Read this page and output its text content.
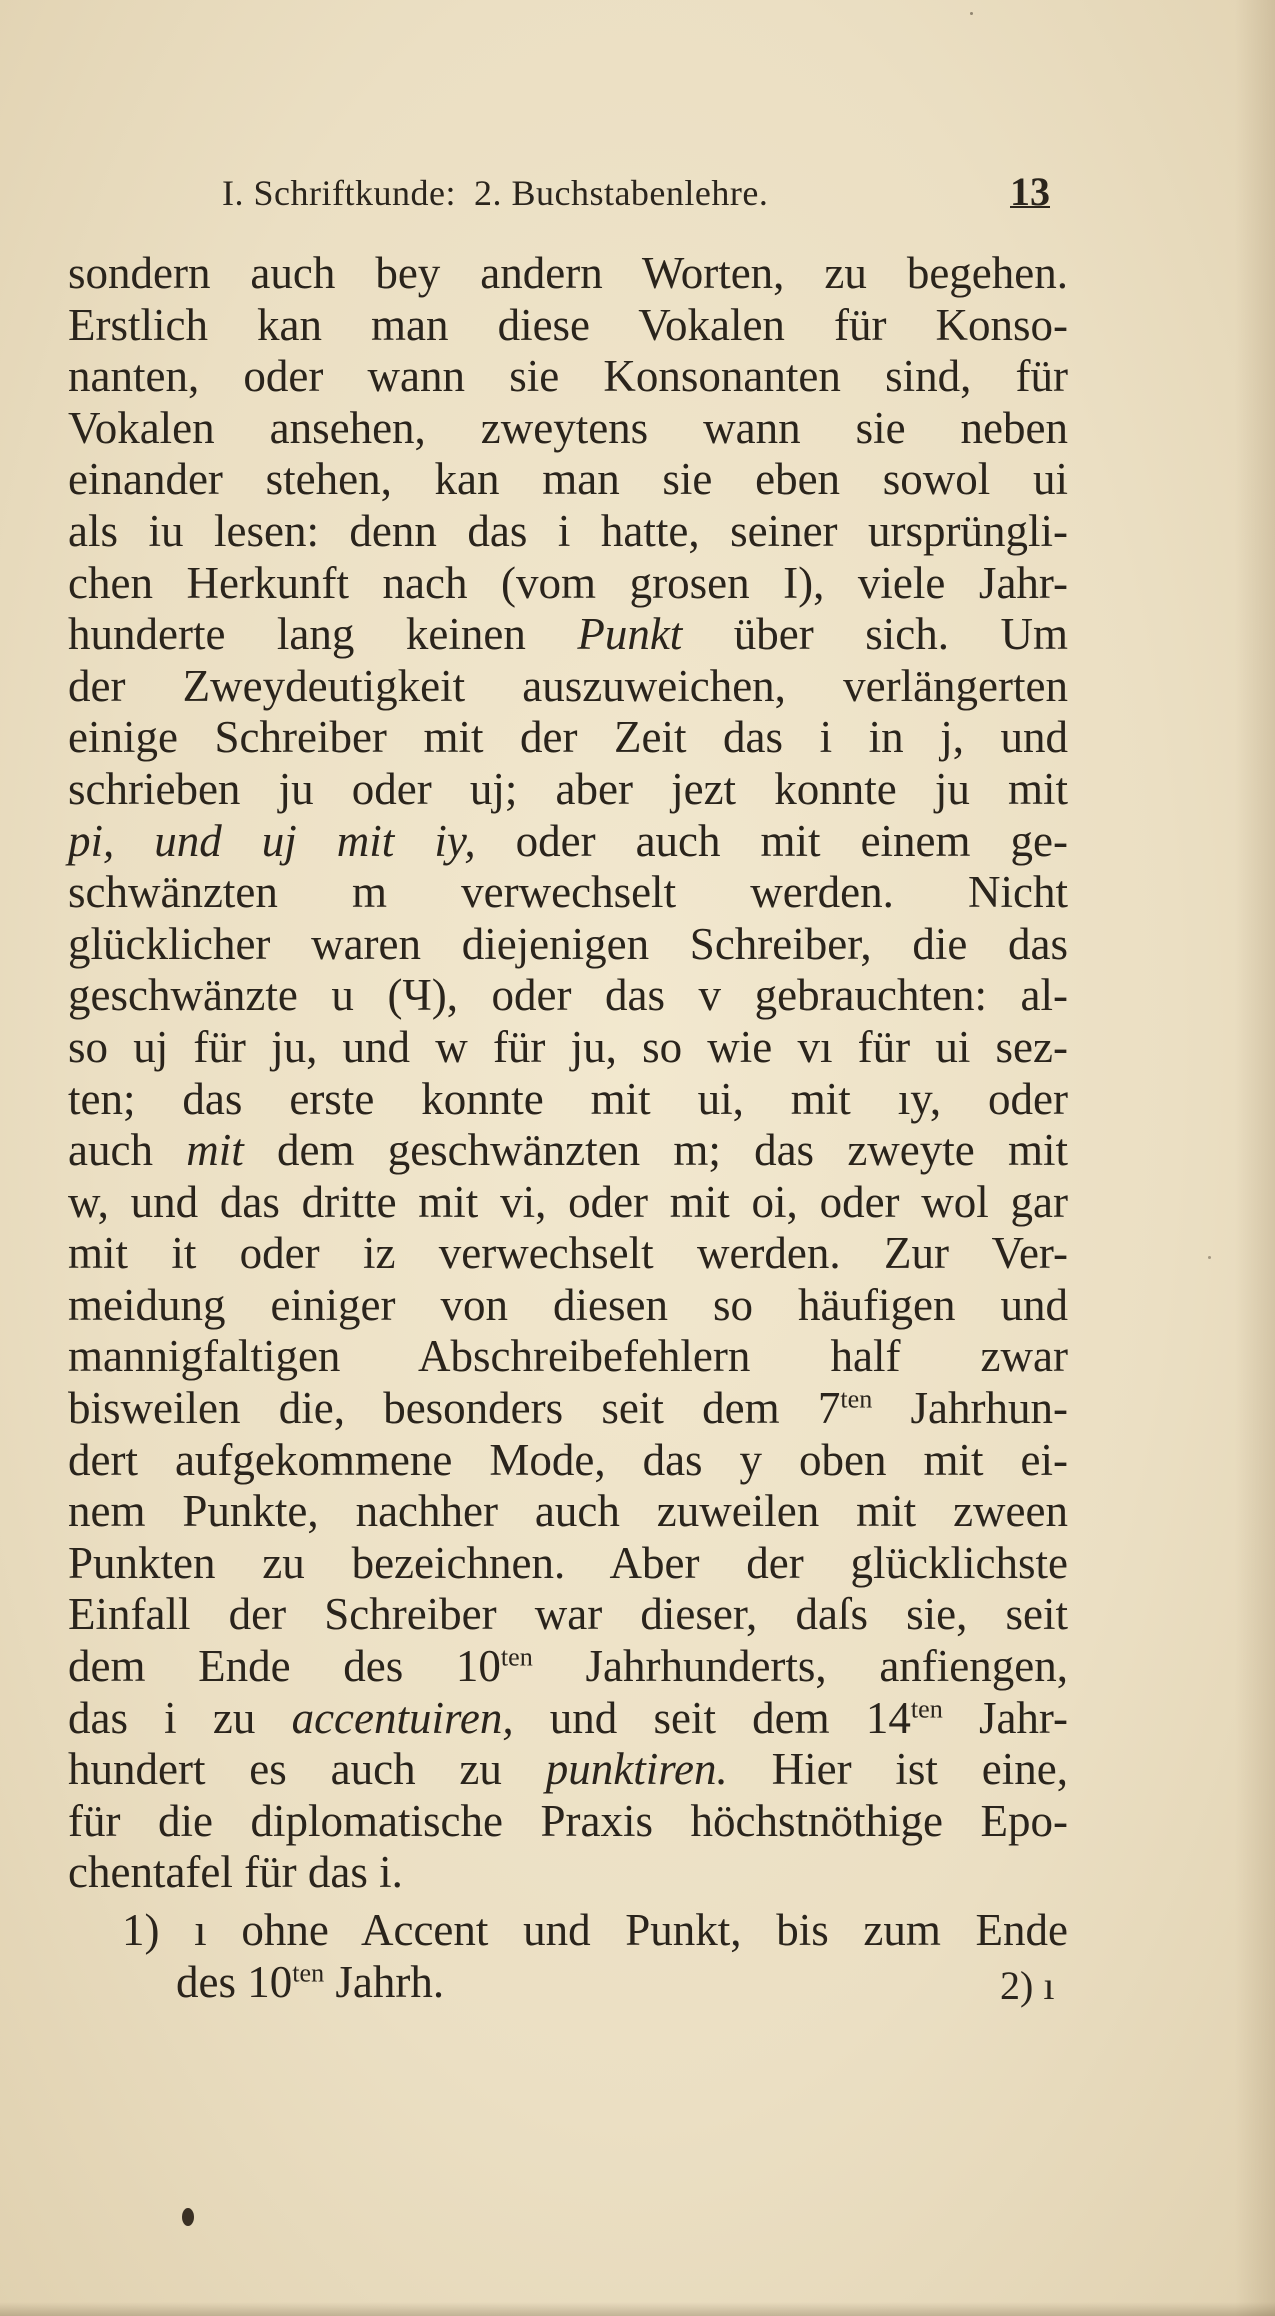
I. Schriftkunde: 2. Buchstabenlehre.	13
sondern auch bey andern Worten, zu begehen.
Erstlich kan man diese Vokalen für Konso-
nanten, oder wann sie Konsonanten sind, für
Vokalen ansehen, zweytens wann sie neben
einander stehen, kan man sie eben sowol ui
als iu lesen: denn das i hatte, seiner ursprüngli-
chen Herkunft nach (vom grosen I), viele Jahr-
hunderte lang keinen Punkt über sich. Um
der Zweydeutigkeit auszuweichen, verlängerten
einige Schreiber mit der Zeit das i in j, und
schrieben ju oder uj; aber jezt konnte ju mit
pi, und uj mit iy, oder auch mit einem ge-
schwänzten m verwechselt werden. Nicht
glücklicher waren diejenigen Schreiber, die das
geschwänzte u (Ч), oder das v gebrauchten: al-
so uj für ju, und w für ju, so wie vı für ui sez-
ten; das erste konnte mit ui, mit ıy, oder
auch mit dem geschwänzten m; das zweyte mit
w, und das dritte mit vi, oder mit oi, oder wol gar
mit it oder iz verwechselt werden. Zur Ver-
meidung einiger von diesen so häufigen und
mannigfaltigen Abschreibefehlern half zwar
bisweilen die, besonders seit dem $7^{ten}$ Jahrhun-
dert aufgekommene Mode, das y oben mit ei-
nem Punkte, nachher auch zuweilen mit zween
Punkten zu bezeichnen. Aber der glücklichste
Einfall der Schreiber war dieser, daſs sie, seit
dem Ende des $10^{ten}$ Jahrhunderts, anfiengen,
das i zu accentuiren, und seit dem $14^{ten}$ Jahr-
hundert es auch zu punktiren. Hier ist eine,
für die diplomatische Praxis höchstnöthige Epo-
chentafel für das i.
1) ı ohne Accent und Punkt, bis zum Ende
des $10^{ten}$ Jahrh.	2) ı
